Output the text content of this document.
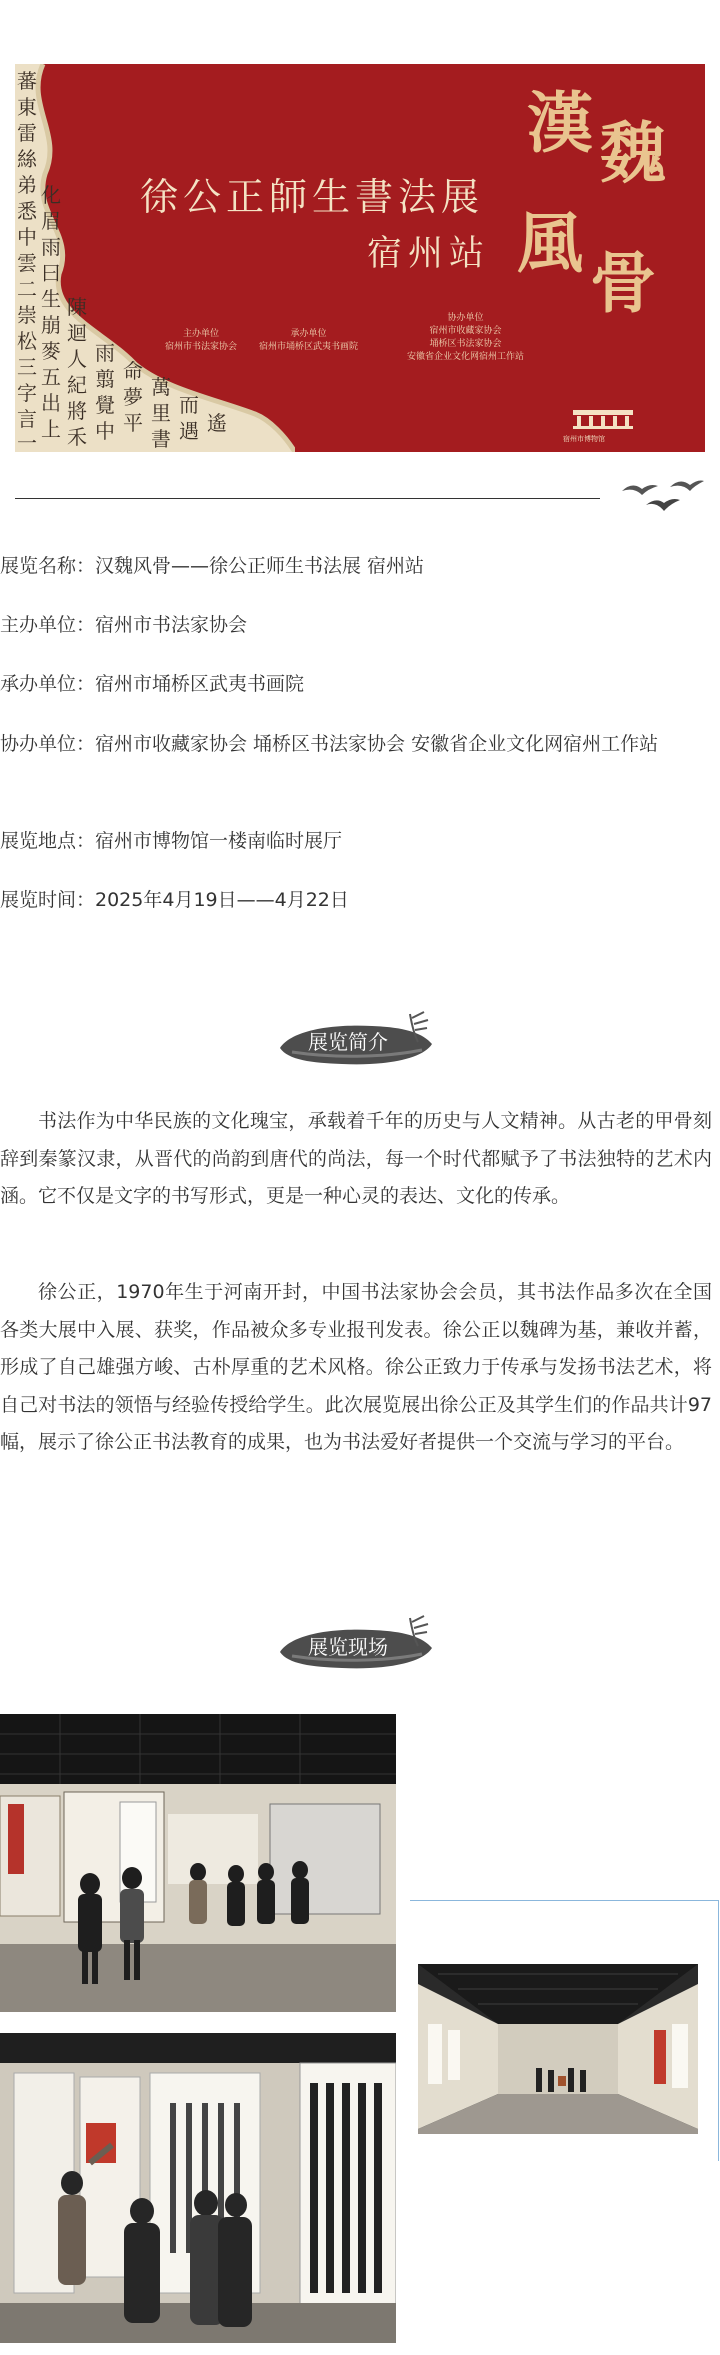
蕃
東
雷
絲
弟
悉
中
雲
二
崇
松
三
字
言
一
化
眉
雨
曰
生
崩
麥
五
出
上
陳
迴
人
紀
將
禾
雨
翦
覺
中
命
夢
平
萬
里
書
而
遇 遙
徐公正師生書法展
宿州站
漢 魏
風
骨
主办单位
宿州市书法家协会
承办单位
宿州市埇桥区武夷书画院
协办单位
宿州市收藏家协会
埇桥区书法家协会
安徽省企业文化网宿州工作站
宿州市博物馆
展览名称：汉魏风骨——徐公正师生书法展 宿州站
主办单位：宿州市书法家协会
承办单位：宿州市埇桥区武夷书画院
协办单位：宿州市收藏家协会 埇桥区书法家协会 安徽省企业文化网宿州工作站
展览地点：宿州市博物馆一楼南临时展厅
展览时间：2025年4月19日——4月22日
展览简介
书法作为中华民族的文化瑰宝，承载着千年的历史与人文精神。从古老的甲骨刻辞到秦篆汉隶，从晋代的尚韵到唐代的尚法，每一个时代都赋予了书法独特的艺术内涵。它不仅是文字的书写形式，更是一种心灵的表达、文化的传承。
徐公正，1970年生于河南开封，中国书法家协会会员，其书法作品多次在全国各类大展中入展、获奖，作品被众多专业报刊发表。徐公正以魏碑为基，兼收并蓄，形成了自己雄强方峻、古朴厚重的艺术风格。徐公正致力于传承与发扬书法艺术，将自己对书法的领悟与经验传授给学生。此次展览展出徐公正及其学生们的作品共计97幅，展示了徐公正书法教育的成果，也为书法爱好者提供一个交流与学习的平台。
展览现场
